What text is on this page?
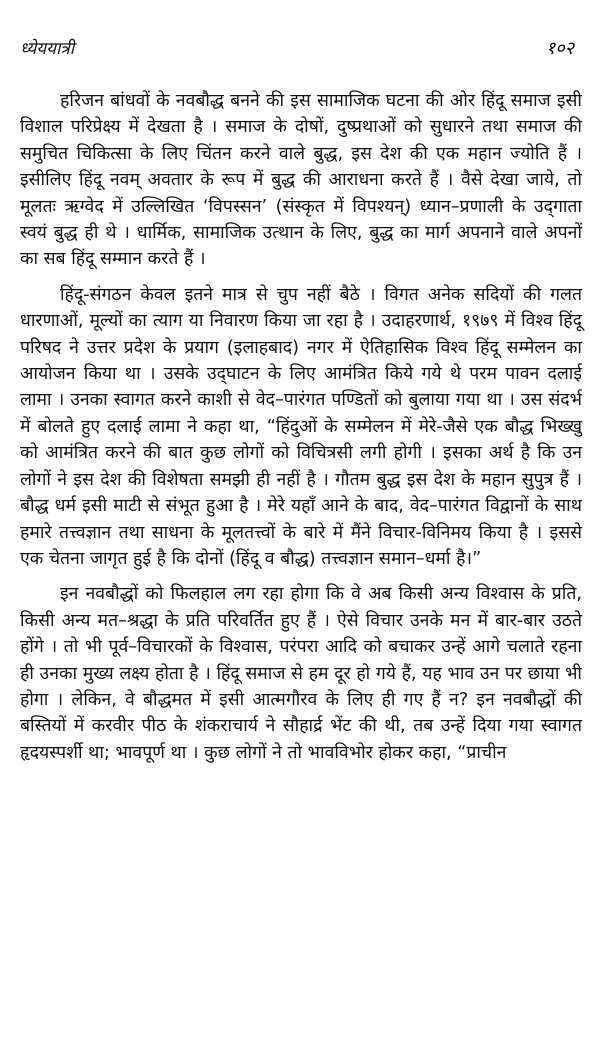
ध्येययात्री	१०२

हरिजन बांधवों के नवबौद्ध बनने की इस सामाजिक घटना की ओर हिंदू समाज इसी विशाल परिप्रेक्ष्य में देखता है । समाज के दोषों, दुष्प्रथाओं को सुधारने तथा समाज की समुचित चिकित्सा के लिए चिंतन करने वाले बुद्ध, इस देश की एक महान ज्योति हैं । इसीलिए हिंदू नवम् अवतार के रूप में बुद्ध की आराधना करते हैं । वैसे देखा जाये, तो मूलतः ऋग्वेद में उल्लिखित ‘विपस्सन’ (संस्कृत में विपश्यन्) ध्यान–प्रणाली के उद्‌गाता स्वयं बुद्ध ही थे । धार्मिक, सामाजिक उत्थान के लिए, बुद्ध का मार्ग अपनाने वाले अपनों का सब हिंदू सम्मान करते हैं ।

हिंदू-संगठन केवल इतने मात्र से चुप नहीं बैठे । विगत अनेक सदियों की गलत धारणाओं, मूल्यों का त्याग या निवारण किया जा रहा है । उदाहरणार्थ, १९७९ में विश्व हिंदू परिषद ने उत्तर प्रदेश के प्रयाग (इलाहबाद) नगर में ऐतिहासिक विश्व हिंदू सम्मेलन का आयोजन किया था । उसके उद्‌घाटन के लिए आमंत्रित किये गये थे परम पावन दलाई लामा । उनका स्वागत करने काशी से वेद–पारंगत पण्डितों को बुलाया गया था । उस संदर्भ में बोलते हुए दलाई लामा ने कहा था, “हिंदुओं के सम्मेलन में मेरे-जैसे एक बौद्ध भिख्खु को आमंत्रित करने की बात कुछ लोगों को विचित्रसी लगी होगी । इसका अर्थ है कि उन लोगों ने इस देश की विशेषता समझी ही नहीं है । गौतम बुद्ध इस देश के महान सुपुत्र हैं । बौद्ध धर्म इसी माटी से संभूत हुआ है । मेरे यहाँ आने के बाद, वेद–पारंगत विद्वानों के साथ हमारे तत्त्वज्ञान तथा साधना के मूलतत्त्वों के बारे में मैंने विचार-विनिमय किया है । इससे एक चेतना जागृत हुई है कि दोनों (हिंदू व बौद्ध) तत्त्वज्ञान समान–धर्मा है।”

इन नवबौद्धों को फिलहाल लग रहा होगा कि वे अब किसी अन्य विश्वास के प्रति, किसी अन्य मत–श्रद्धा के प्रति परिवर्तित हुए हैं । ऐसे विचार उनके मन में बार-बार उठते होंगे । तो भी पूर्व–विचारकों के विश्वास, परंपरा आदि को बचाकर उन्हें आगे चलाते रहना ही उनका मुख्य लक्ष्य होता है । हिंदू समाज से हम दूर हो गये हैं, यह भाव उन पर छाया भी होगा । लेकिन, वे बौद्धमत में इसी आत्मगौरव के लिए ही गए हैं न? इन नवबौद्धों की बस्तियों में करवीर पीठ के शंकराचार्य ने सौहार्द्र भेंट की थी, तब उन्हें दिया गया स्वागत हृदयस्पर्शी था; भावपूर्ण था । कुछ लोगों ने तो भावविभोर होकर कहा, “प्राचीन
